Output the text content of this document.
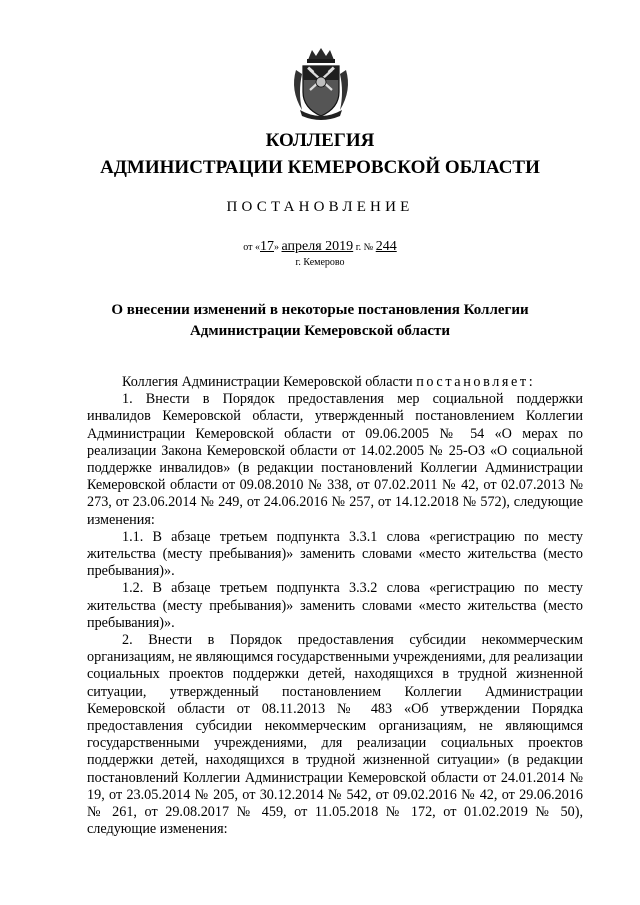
КОЛЛЕГИЯ
АДМИНИСТРАЦИИ КЕМЕРОВСКОЙ ОБЛАСТИ
ПОСТАНОВЛЕНИЕ
от «17» апреля 2019 г. № 244
г. Кемерово
О внесении изменений в некоторые постановления Коллегии
Администрации Кемеровской области

Коллегия Администрации Кемеровской области постановляет:

1. Внести в Порядок предоставления мер социальной поддержки инвалидов Кемеровской области, утвержденный постановлением Коллегии Администрации Кемеровской области от 09.06.2005 № 54 «О мерах по реализации Закона Кемеровской области от 14.02.2005 № 25-ОЗ «О социальной поддержке инвалидов» (в редакции постановлений Коллегии Администрации Кемеровской области от 09.08.2010 № 338, от 07.02.2011 № 42, от 02.07.2013 № 273, от 23.06.2014 № 249, от 24.06.2016 № 257, от 14.12.2018 № 572), следующие изменения:

1.1. В абзаце третьем подпункта 3.3.1 слова «регистрацию по месту жительства (месту пребывания)» заменить словами «место жительства (место пребывания)».

1.2. В абзаце третьем подпункта 3.3.2 слова «регистрацию по месту жительства (месту пребывания)» заменить словами «место жительства (место пребывания)».

2. Внести в Порядок предоставления субсидии некоммерческим организациям, не являющимся государственными учреждениями, для реализации социальных проектов поддержки детей, находящихся в трудной жизненной ситуации, утвержденный постановлением Коллегии Администрации Кемеровской области от 08.11.2013 № 483 «Об утверждении Порядка предоставления субсидии некоммерческим организациям, не являющимся государственными учреждениями, для реализации социальных проектов поддержки детей, находящихся в трудной жизненной ситуации» (в редакции постановлений Коллегии Администрации Кемеровской области от 24.01.2014 № 19, от 23.05.2014 № 205, от 30.12.2014 № 542, от 09.02.2016 № 42, от 29.06.2016 № 261, от 29.08.2017 № 459, от 11.05.2018 № 172, от 01.02.2019 № 50), следующие изменения:
